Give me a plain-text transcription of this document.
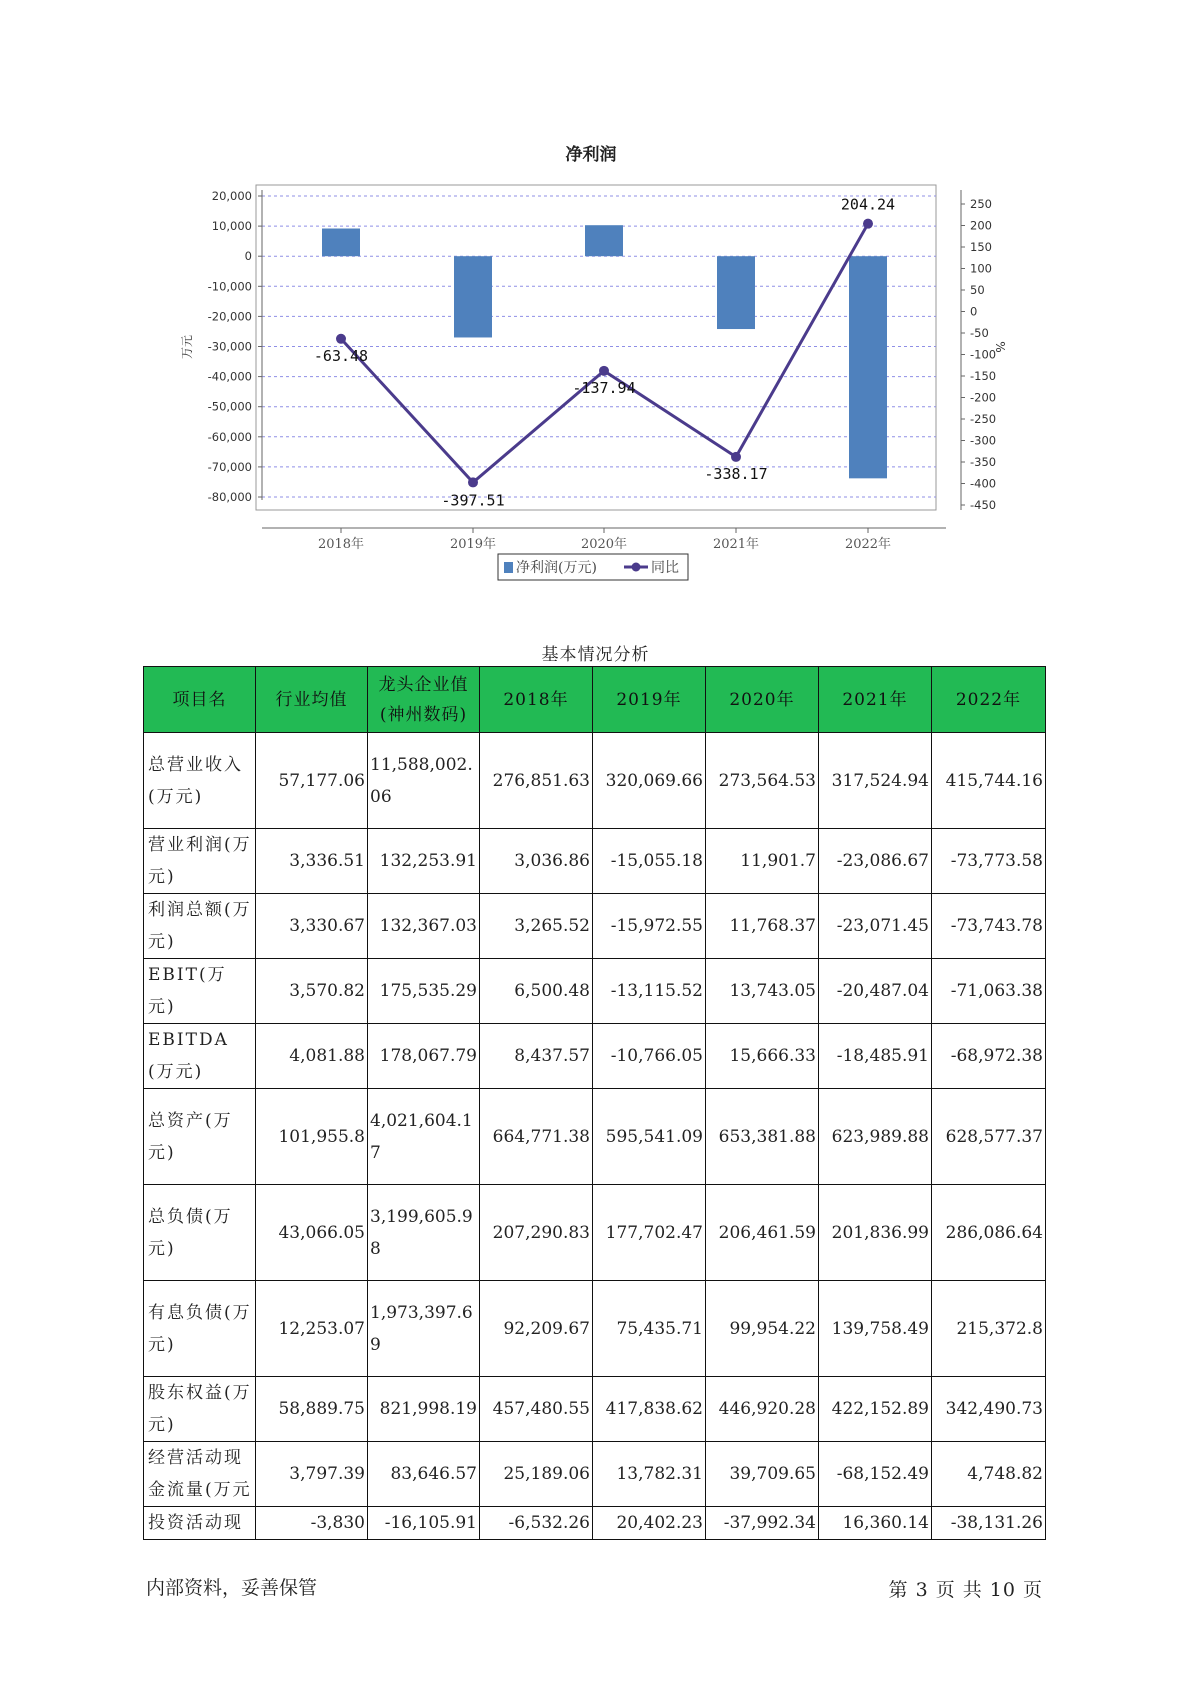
净利润
20,000
10,000
0
-10,000
-20,000
-30,000
-40,000
-50,000
-60,000
-70,000
-80,000
250
200
150
100
50
0
-50
-100
-150
-200
-250
-300
-350
-400
-450
-63.48
-397.51
-137.94
-338.17
204.24
2018年	2019年	2020年	2021年	2022年
万元	%
净利润(万元)	同比
基本情况分析
项目名	行业均值	龙头企业值(神州数码)	2018年	2019年	2020年	2021年	2022年
总营业收入(万元)	57,177.06	11,588,002.06	276,851.63	320,069.66	273,564.53	317,524.94	415,744.16
营业利润(万元)	3,336.51	132,253.91	3,036.86	-15,055.18	11,901.7	-23,086.67	-73,773.58
利润总额(万元)	3,330.67	132,367.03	3,265.52	-15,972.55	11,768.37	-23,071.45	-73,743.78
EBIT(万元)	3,570.82	175,535.29	6,500.48	-13,115.52	13,743.05	-20,487.04	-71,063.38
EBITDA(万元)	4,081.88	178,067.79	8,437.57	-10,766.05	15,666.33	-18,485.91	-68,972.38
总资产(万元)	101,955.8	4,021,604.17	664,771.38	595,541.09	653,381.88	623,989.88	628,577.37
总负债(万元)	43,066.05	3,199,605.98	207,290.83	177,702.47	206,461.59	201,836.99	286,086.64
有息负债(万元)	12,253.07	1,973,397.69	92,209.67	75,435.71	99,954.22	139,758.49	215,372.8
股东权益(万元)	58,889.75	821,998.19	457,480.55	417,838.62	446,920.28	422,152.89	342,490.73
经营活动现金流量(万元	3,797.39	83,646.57	25,189.06	13,782.31	39,709.65	-68,152.49	4,748.82
投资活动现	-3,830	-16,105.91	-6,532.26	20,402.23	-37,992.34	16,360.14	-38,131.26
内部资料，妥善保管	第 3 页 共 10 页
